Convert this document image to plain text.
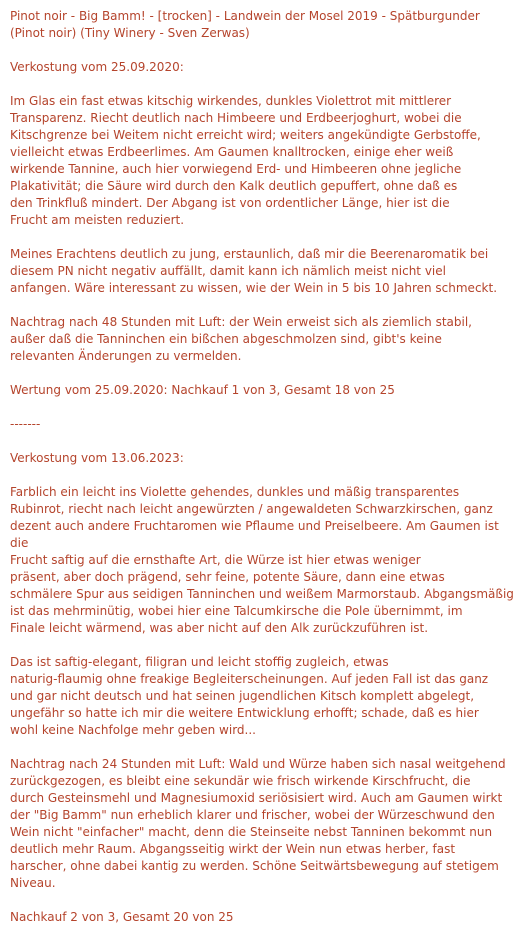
Pinot noir - Big Bamm! - [trocken] - Landwein der Mosel 2019 - Spätburgunder
(Pinot noir) (Tiny Winery - Sven Zerwas)

Verkostung vom 25.09.2020:

Im Glas ein fast etwas kitschig wirkendes, dunkles Violettrot mit mittlerer
Transparenz. Riecht deutlich nach Himbeere und Erdbeerjoghurt, wobei die
Kitschgrenze bei Weitem nicht erreicht wird; weiters angekündigte Gerbstoffe,
vielleicht etwas Erdbeerlimes. Am Gaumen knalltrocken, einige eher weiß
wirkende Tannine, auch hier vorwiegend Erd- und Himbeeren ohne jegliche
Plakativität; die Säure wird durch den Kalk deutlich gepuffert, ohne daß es
den Trinkfluß mindert. Der Abgang ist von ordentlicher Länge, hier ist die
Frucht am meisten reduziert.

Meines Erachtens deutlich zu jung, erstaunlich, daß mir die Beerenaromatik bei
diesem PN nicht negativ auffällt, damit kann ich nämlich meist nicht viel
anfangen. Wäre interessant zu wissen, wie der Wein in 5 bis 10 Jahren schmeckt.

Nachtrag nach 48 Stunden mit Luft: der Wein erweist sich als ziemlich stabil,
außer daß die Tanninchen ein bißchen abgeschmolzen sind, gibt's keine
relevanten Änderungen zu vermelden.

Wertung vom 25.09.2020: Nachkauf 1 von 3, Gesamt 18 von 25

-------

Verkostung vom 13.06.2023:

Farblich ein leicht ins Violette gehendes, dunkles und mäßig transparentes
Rubinrot, riecht nach leicht angewürzten / angewaldeten Schwarzkirschen, ganz
dezent auch andere Fruchtaromen wie Pflaume und Preiselbeere. Am Gaumen ist die
Frucht saftig auf die ernsthafte Art, die Würze ist hier etwas weniger
präsent, aber doch prägend, sehr feine, potente Säure, dann eine etwas
schmälere Spur aus seidigen Tanninchen und weißem Marmorstaub. Abgangsmäßig
ist das mehrminütig, wobei hier eine Talcumkirsche die Pole übernimmt, im
Finale leicht wärmend, was aber nicht auf den Alk zurückzuführen ist.

Das ist saftig-elegant, filigran und leicht stoffig zugleich, etwas
naturig-flaumig ohne freakige Begleiterscheinungen. Auf jeden Fall ist das ganz
und gar nicht deutsch und hat seinen jugendlichen Kitsch komplett abgelegt,
ungefähr so hatte ich mir die weitere Entwicklung erhofft; schade, daß es hier
wohl keine Nachfolge mehr geben wird...

Nachtrag nach 24 Stunden mit Luft: Wald und Würze haben sich nasal weitgehend
zurückgezogen, es bleibt eine sekundär wie frisch wirkende Kirschfrucht, die
durch Gesteinsmehl und Magnesiumoxid seriösisiert wird. Auch am Gaumen wirkt
der "Big Bamm" nun erheblich klarer und frischer, wobei der Würzeschwund den
Wein nicht "einfacher" macht, denn die Steinseite nebst Tanninen bekommt nun
deutlich mehr Raum. Abgangsseitig wirkt der Wein nun etwas herber, fast
harscher, ohne dabei kantig zu werden. Schöne Seitwärtsbewegung auf stetigem
Niveau.

Nachkauf 2 von 3, Gesamt 20 von 25
